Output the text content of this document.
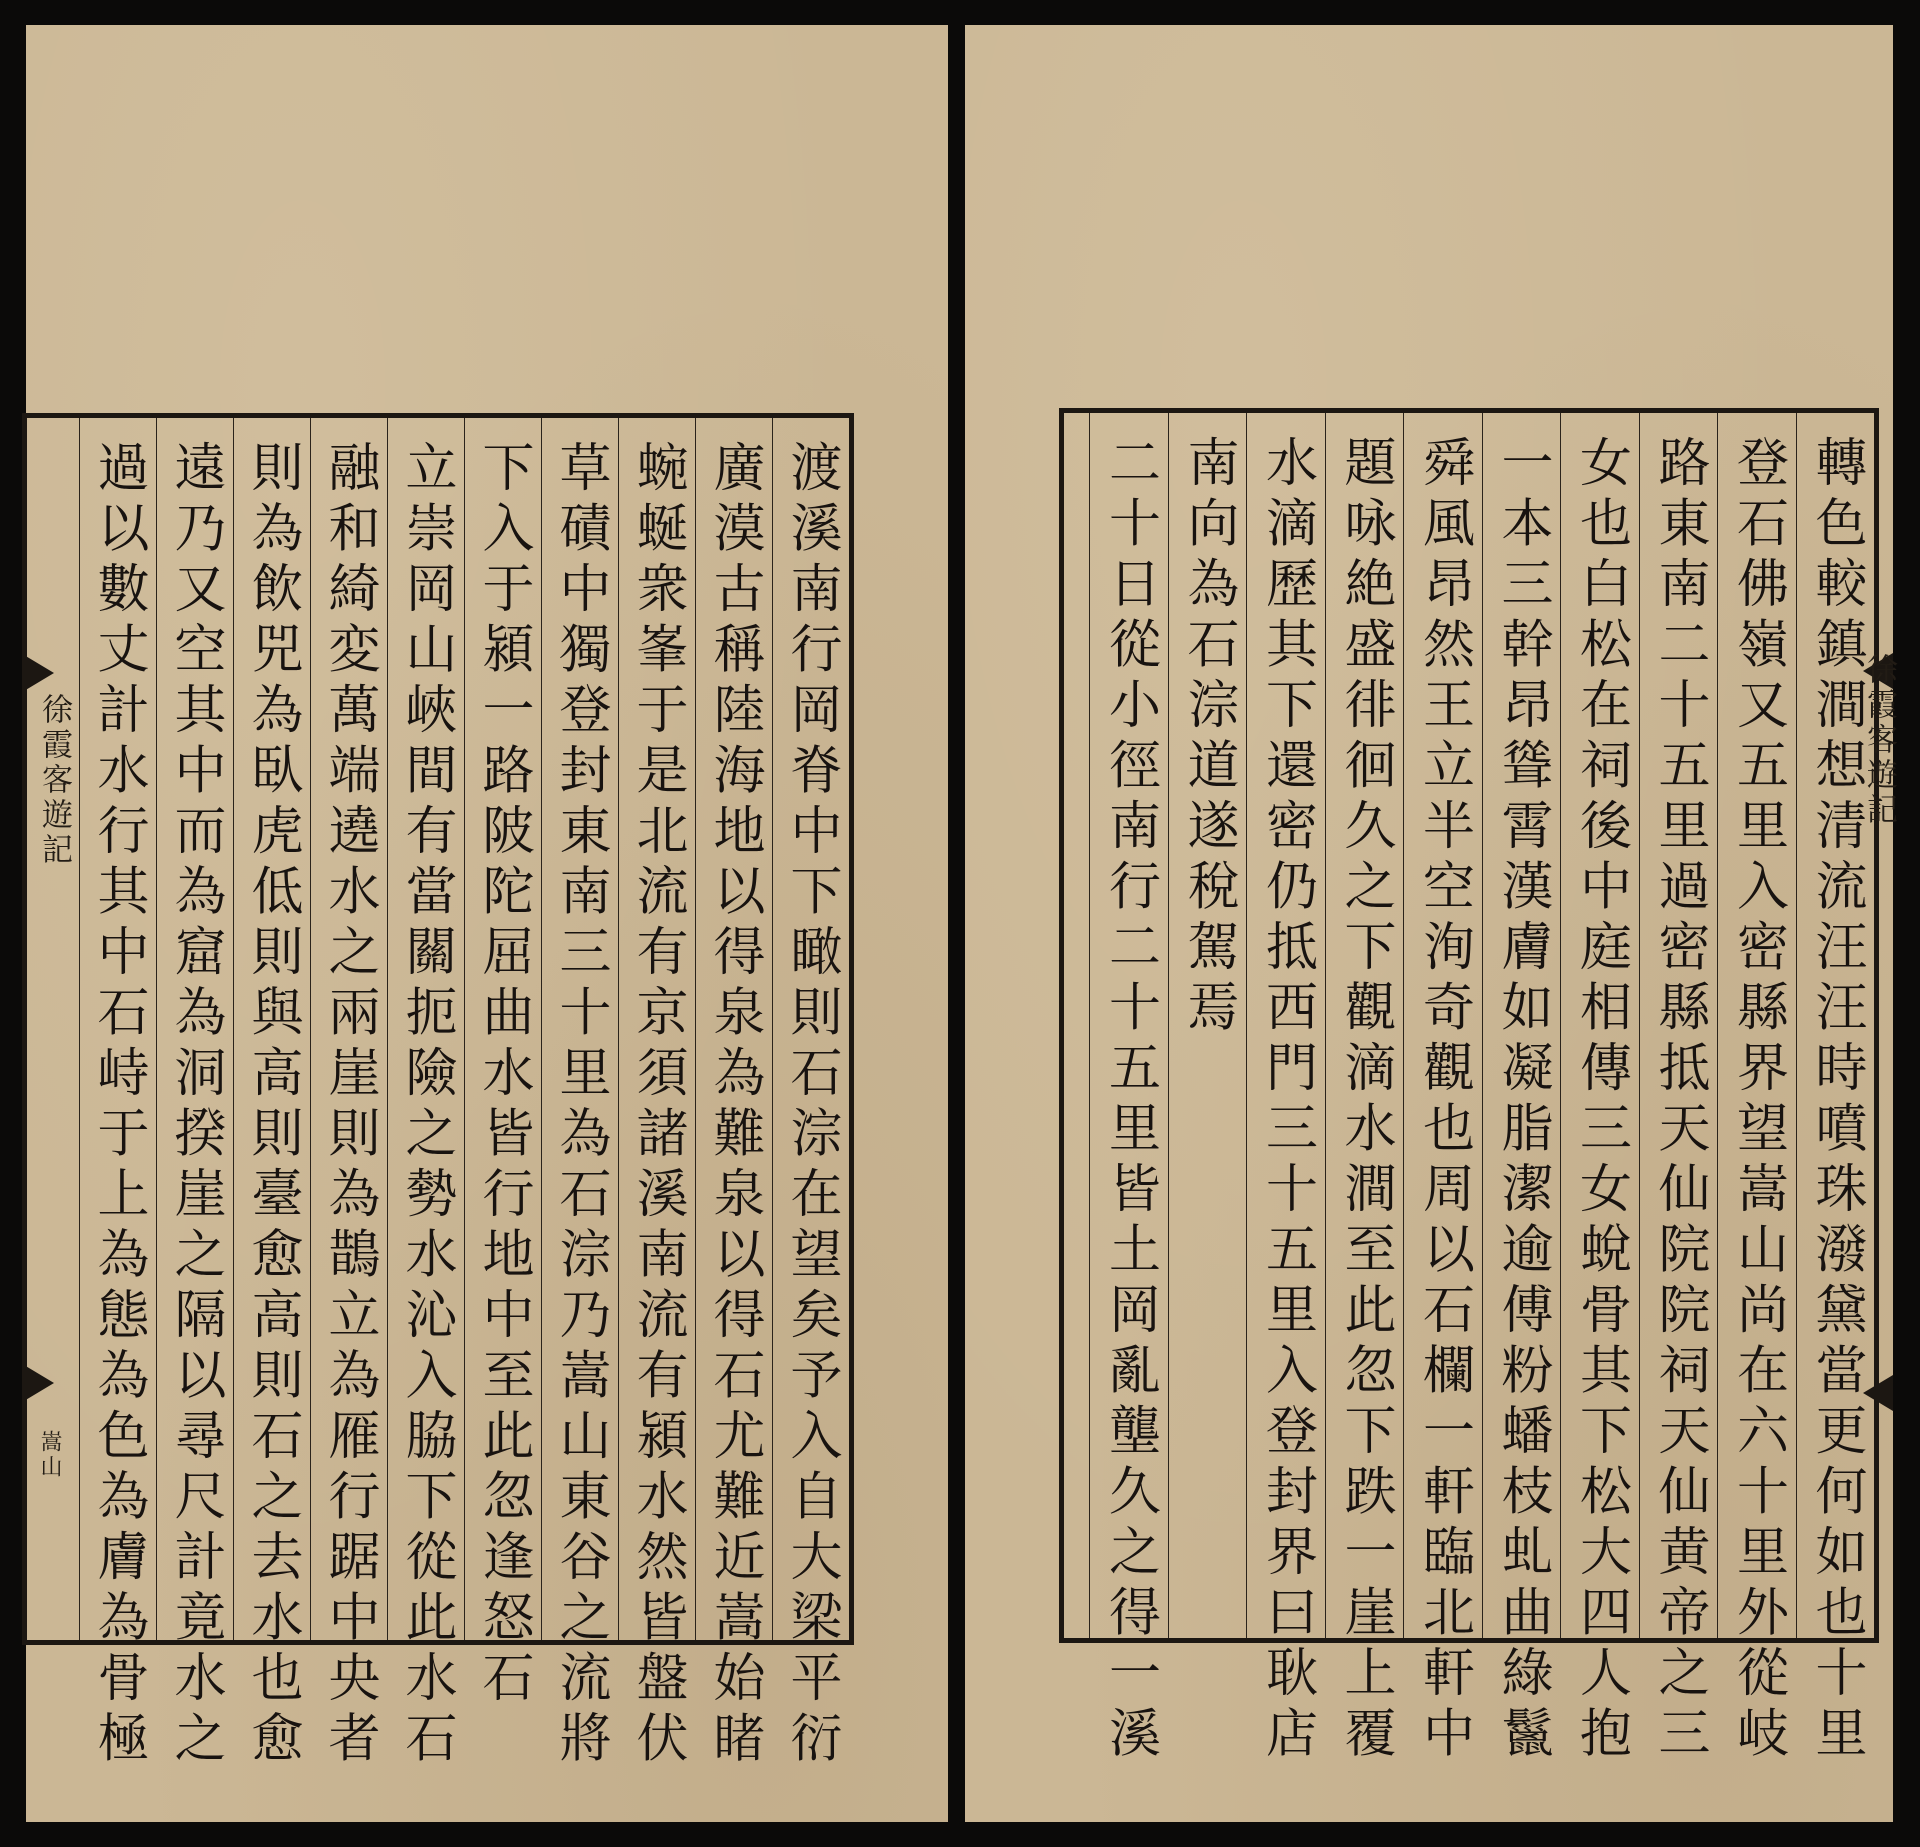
渡溪南行岡脊中下瞰則石淙在望矣予入自大梁平衍
廣漠古稱陸海地以得泉為難泉以得石尤難近嵩始睹
蜿蜒衆峯于是北流有京須諸溪南流有潁水然皆盤伏
草磧中獨登封東南三十里為石淙乃嵩山東谷之流將
下入于潁一路陂陀屈曲水皆行地中至此忽逢怒石
立崇岡山峽間有當關扼險之勢水沁入脇下從此水石
融和綺変萬端遶水之兩崖則為鵲立為雁行踞中央者
則為飲兕為臥虎低則與高則臺愈高則石之去水也愈
遠乃又空其中而為窟為洞揆崖之隔以尋尺計竟水之
過以數丈計水行其中石峙于上為態為色為膚為骨極
徐霞客遊記
嵩山	轉色較鎮澗想清流汪汪時噴珠潑黛當更何如也十里
登石佛嶺又五里入密縣界望嵩山尚在六十里外從岐
路東南二十五里過密縣抵天仙院院祠天仙黄帝之三
女也白松在祠後中庭相傳三女蛻骨其下松大四人抱
一本三幹昂聳霄漢膚如凝脂潔逾傅粉蟠枝虬曲綠鬣
舜風昂然王立半空洵奇觀也周以石欄一軒臨北軒中
題咏絶盛徘徊久之下觀滴水澗至此忽下跌一崖上覆
水滴歷其下還密仍抵西門三十五里入登封界曰耿店
南向為石淙道遂稅駕焉
二十日從小徑南行二十五里皆土岡亂壟久之得一溪	徐霞客遊記
